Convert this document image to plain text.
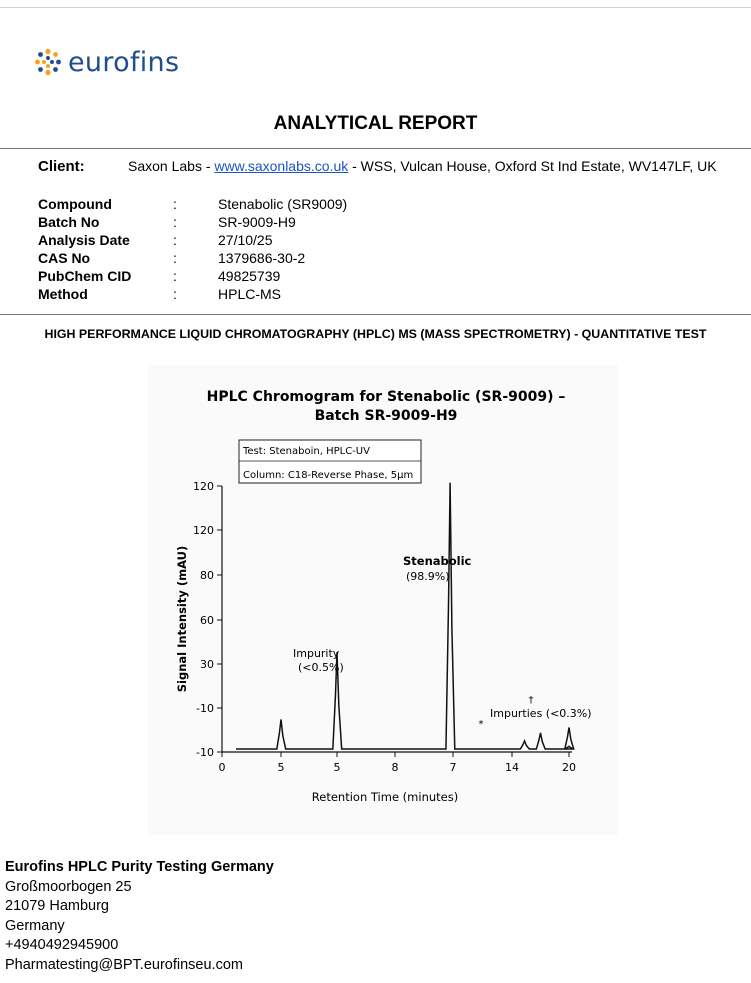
eurofins
ANALYTICAL REPORT
Client:	Saxon Labs - www.saxonlabs.co.uk - WSS, Vulcan House, Oxford St Ind Estate, WV147LF, UK
Compound	:	Stenabolic (SR9009)
Batch No	:	SR-9009-H9
Analysis Date	:	27/10/25
CAS No	:	1379686-30-2
PubChem CID	:	49825739
Method	:	HPLC-MS
HIGH PERFORMANCE LIQUID CHROMATOGRAPHY (HPLC) MS (MASS SPECTROMETRY) - QUANTITATIVE TEST
HPLC Chromogram for Stenabolic (SR-9009) –
Batch SR-9009-H9
Test: Stenaboin, HPLC-UV
Column: C18-Reverse Phase, 5µm
120
120
80
60
30
-10
-10
0	5	5	8	7	14	20
Signal Intensity (mAU)
Retention Time (minutes)
Impurity
(<0.5%)
Stenabolic
(98.9%)
Impurties (<0.3%)
†
*
Eurofins HPLC Purity Testing Germany
Großmoorbogen 25
21079 Hamburg
Germany
+4940492945900
Pharmatesting@BPT.eurofinseu.com
